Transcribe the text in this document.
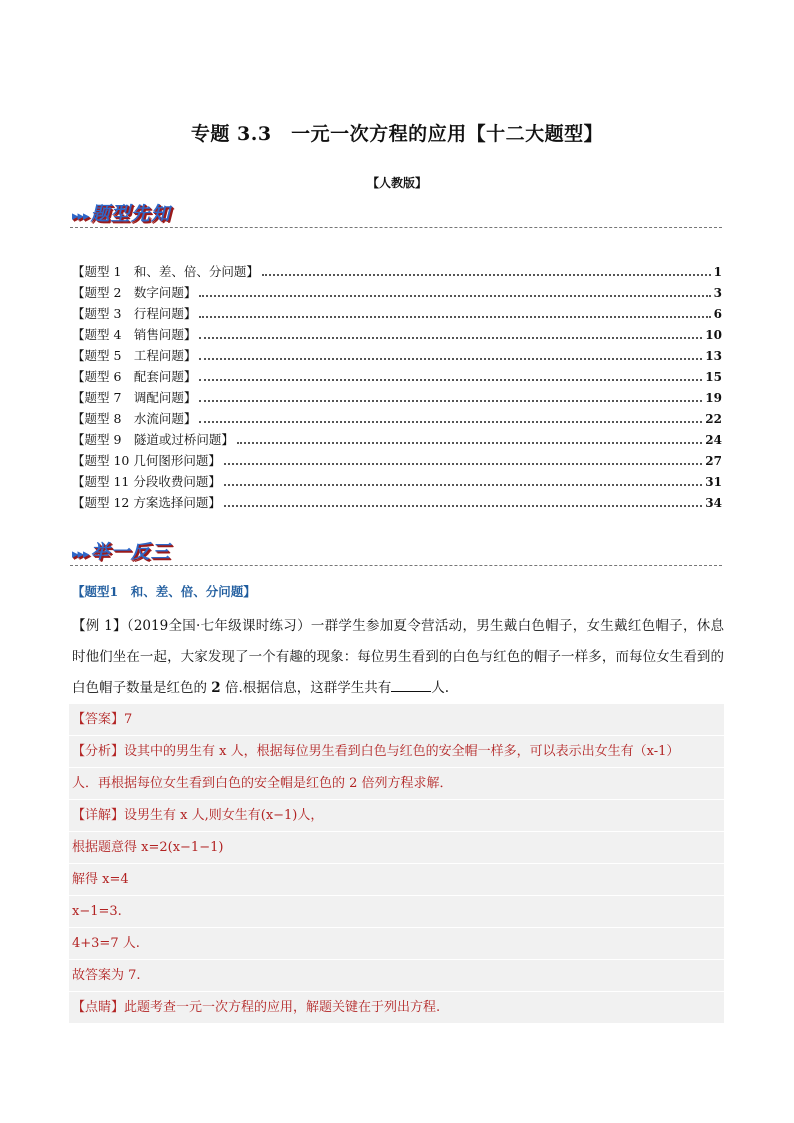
专题 3.3　一元一次方程的应用【十二大题型】
【人教版】
▸▸▸ 题型先知
【题型 1　和、差、倍、分问题】	1
【题型 2　数字问题】	3
【题型 3　行程问题】	6
【题型 4　销售问题】	10
【题型 5　工程问题】	13
【题型 6　配套问题】	15
【题型 7　调配问题】	19
【题型 8　水流问题】	22
【题型 9　隧道或过桥问题】	24
【题型 10 几何图形问题】	27
【题型 11 分段收费问题】	31
【题型 12 方案选择问题】	34
▸▸▸ 举一反三
【题型1　和、差、倍、分问题】
【例 1】（2019全国·七年级课时练习）一群学生参加夏令营活动，男生戴白色帽子，女生戴红色帽子，休息时他们坐在一起，大家发现了一个有趣的现象：每位男生看到的白色与红色的帽子一样多，而每位女生看到的白色帽子数量是红色的 2 倍.根据信息，这群学生共有	人.
【答案】7
【分析】设其中的男生有 x 人，根据每位男生看到白色与红色的安全帽一样多，可以表示出女生有（x-1）
人．再根据每位女生看到白色的安全帽是红色的 2 倍列方程求解．
【详解】设男生有 x 人,则女生有(x−1)人，
根据题意得 x=2(x−1−1)
解得 x=4
x−1=3.
4+3=7 人.
故答案为 7.
【点睛】此题考查一元一次方程的应用，解题关键在于列出方程.
